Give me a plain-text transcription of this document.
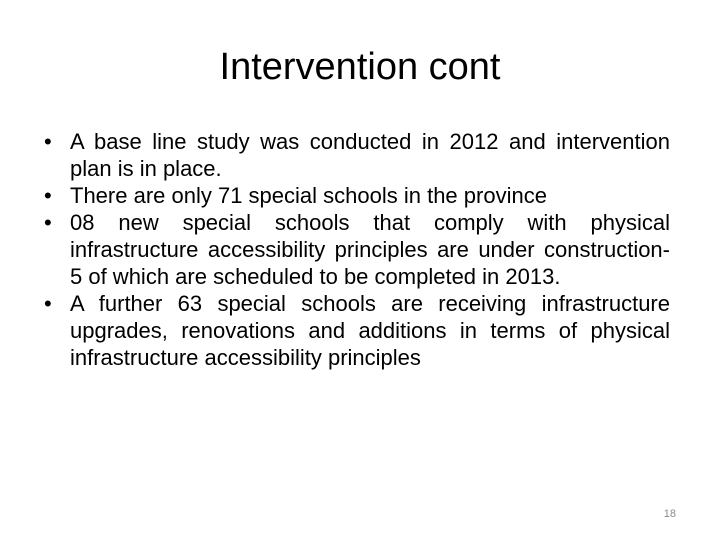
Intervention cont
• A base line study was conducted in 2012 and intervention plan is in place.
• There are only 71 special schools in the province
• 08 new special schools that comply with physical infrastructure accessibility principles are under construction- 5 of which are scheduled to be completed in 2013.
• A further 63 special schools are receiving infrastructure upgrades, renovations and additions in terms of physical infrastructure accessibility principles
18
